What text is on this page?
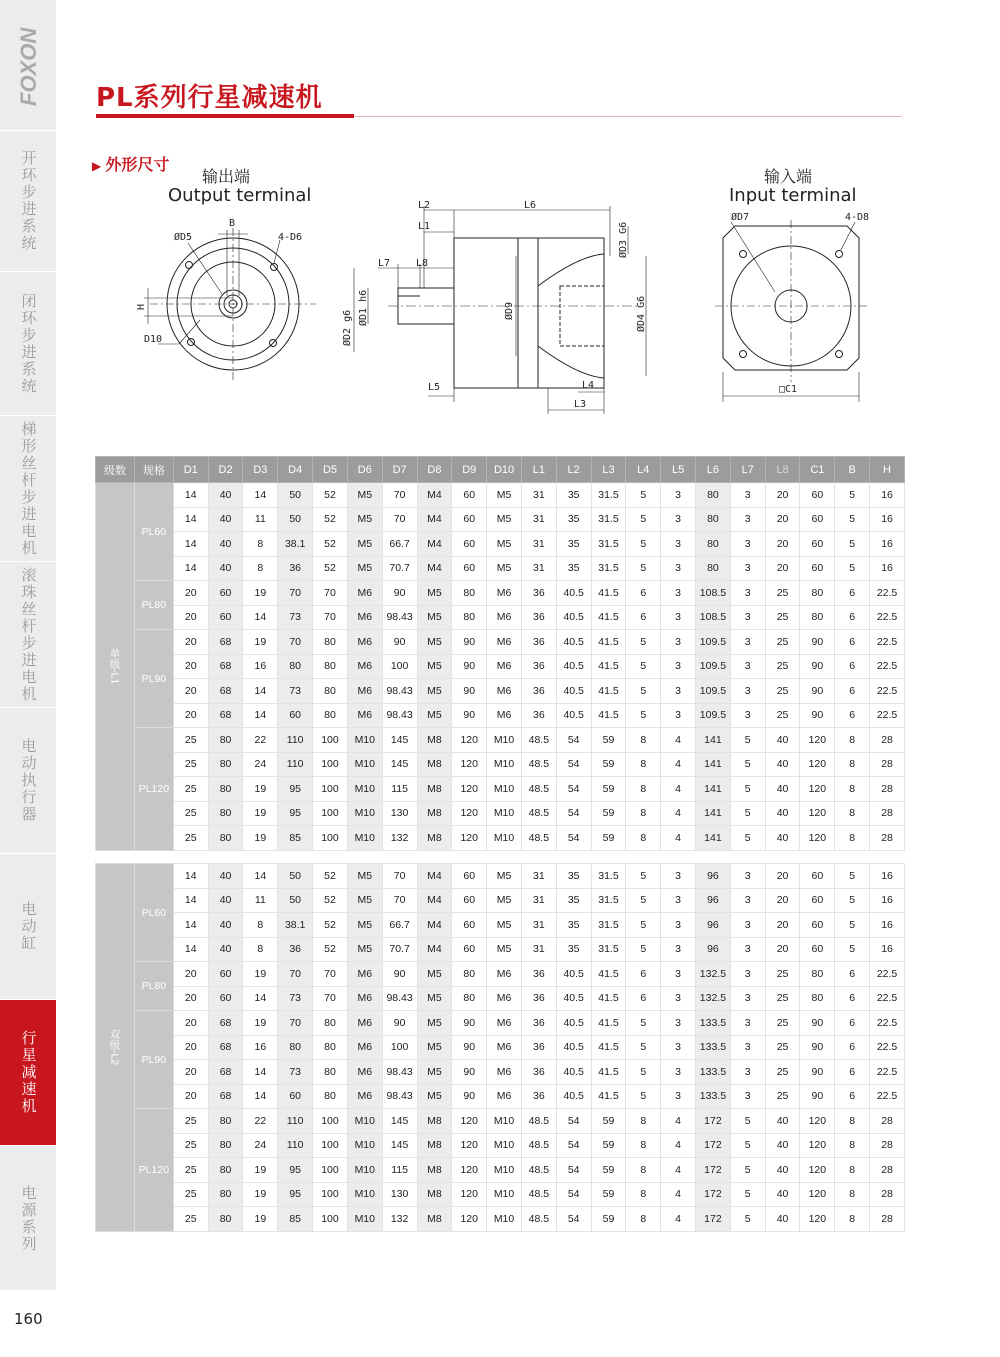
FOXON
开环步进系统
闭环步进系统
梯形丝杆步进电机
滚珠丝杆步进电机
电动执行器
电动缸
行星减速机
电源系列
160
PL系列行星减速机
▶ 外形尺寸
输出端
Output terminal
输入端
Input terminal
ØD5
B
4-D6
H
D10
L2
L1
L6
L7	L8
ØD2 g6
ØD1 h6	ØD9
ØD3 G6
ØD4 G6
L5	L4
L3
ØD7	4-D8
□C1
级数	规格	D1	D2	D3	D4	D5	D6	D7	D8	D9	D10	L1	L2	L3	L4	L5	L6	L7	L8	C1	B	H
单级-L1	PL60	14	40	14	50	52	M5	70	M4	60	M5	31	35	31.5	5	3	80	3	20	60	5	16
		14	40	11	50	52	M5	70	M4	60	M5	31	35	31.5	5	3	80	3	20	60	5	16
		14	40	8	38.1	52	M5	66.7	M4	60	M5	31	35	31.5	5	3	80	3	20	60	5	16
		14	40	8	36	52	M5	70.7	M4	60	M5	31	35	31.5	5	3	80	3	20	60	5	16
	PL80	20	60	19	70	70	M6	90	M5	80	M6	36	40.5	41.5	6	3	108.5	3	25	80	6	22.5
		20	60	14	73	70	M6	98.43	M5	80	M6	36	40.5	41.5	6	3	108.5	3	25	80	6	22.5
	PL90	20	68	19	70	80	M6	90	M5	90	M6	36	40.5	41.5	5	3	109.5	3	25	90	6	22.5
		20	68	16	80	80	M6	100	M5	90	M6	36	40.5	41.5	5	3	109.5	3	25	90	6	22.5
		20	68	14	73	80	M6	98.43	M5	90	M6	36	40.5	41.5	5	3	109.5	3	25	90	6	22.5
		20	68	14	60	80	M6	98.43	M5	90	M6	36	40.5	41.5	5	3	109.5	3	25	90	6	22.5
	PL120	25	80	22	110	100	M10	145	M8	120	M10	48.5	54	59	8	4	141	5	40	120	8	28
		25	80	24	110	100	M10	145	M8	120	M10	48.5	54	59	8	4	141	5	40	120	8	28
		25	80	19	95	100	M10	115	M8	120	M10	48.5	54	59	8	4	141	5	40	120	8	28
		25	80	19	95	100	M10	130	M8	120	M10	48.5	54	59	8	4	141	5	40	120	8	28
		25	80	19	85	100	M10	132	M8	120	M10	48.5	54	59	8	4	141	5	40	120	8	28
双级-L2	PL60	14	40	14	50	52	M5	70	M4	60	M5	31	35	31.5	5	3	96	3	20	60	5	16
		14	40	11	50	52	M5	70	M4	60	M5	31	35	31.5	5	3	96	3	20	60	5	16
		14	40	8	38.1	52	M5	66.7	M4	60	M5	31	35	31.5	5	3	96	3	20	60	5	16
		14	40	8	36	52	M5	70.7	M4	60	M5	31	35	31.5	5	3	96	3	20	60	5	16
	PL80	20	60	19	70	70	M6	90	M5	80	M6	36	40.5	41.5	6	3	132.5	3	25	80	6	22.5
		20	60	14	73	70	M6	98.43	M5	80	M6	36	40.5	41.5	6	3	132.5	3	25	80	6	22.5
	PL90	20	68	19	70	80	M6	90	M5	90	M6	36	40.5	41.5	5	3	133.5	3	25	90	6	22.5
		20	68	16	80	80	M6	100	M5	90	M6	36	40.5	41.5	5	3	133.5	3	25	90	6	22.5
		20	68	14	73	80	M6	98.43	M5	90	M6	36	40.5	41.5	5	3	133.5	3	25	90	6	22.5
		20	68	14	60	80	M6	98.43	M5	90	M6	36	40.5	41.5	5	3	133.5	3	25	90	6	22.5
	PL120	25	80	22	110	100	M10	145	M8	120	M10	48.5	54	59	8	4	172	5	40	120	8	28
		25	80	24	110	100	M10	145	M8	120	M10	48.5	54	59	8	4	172	5	40	120	8	28
		25	80	19	95	100	M10	115	M8	120	M10	48.5	54	59	8	4	172	5	40	120	8	28
		25	80	19	95	100	M10	130	M8	120	M10	48.5	54	59	8	4	172	5	40	120	8	28
		25	80	19	85	100	M10	132	M8	120	M10	48.5	54	59	8	4	172	5	40	120	8	28
